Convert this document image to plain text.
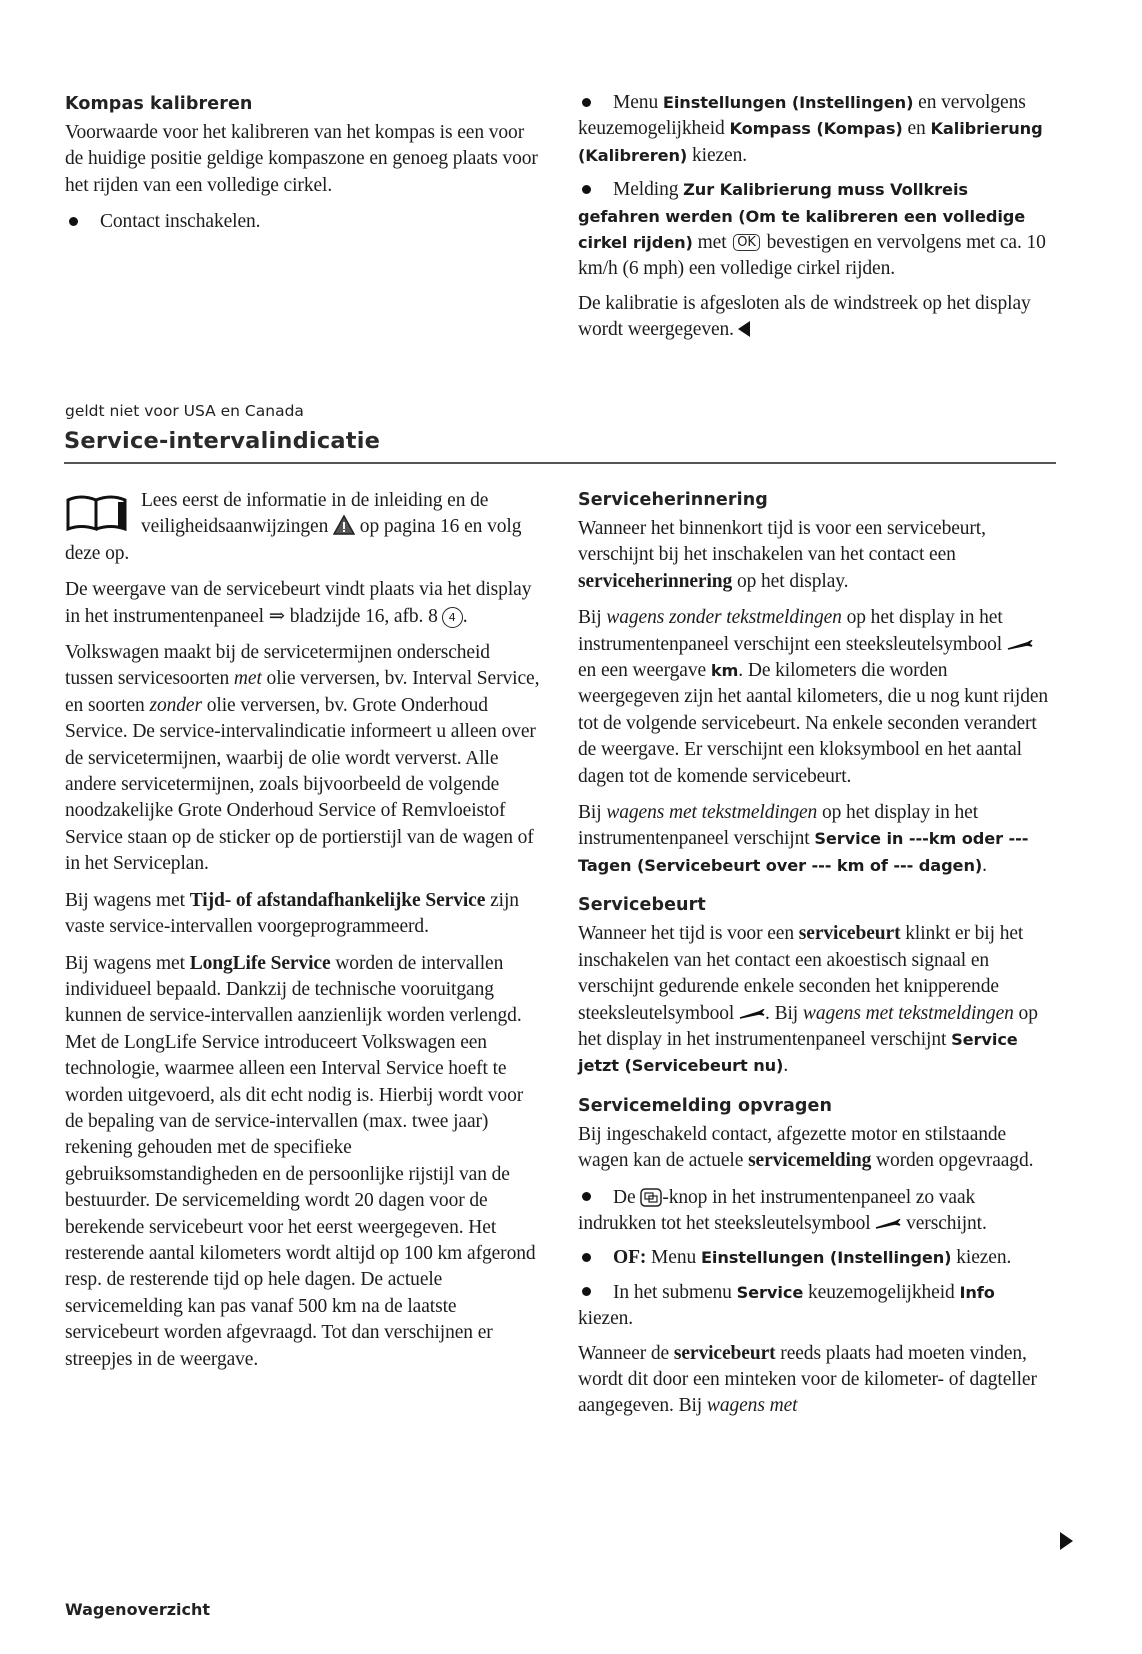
Kompas kalibreren

Voorwaarde voor het kalibreren van het kompas is een voor de huidige positie geldige kompaszone en genoeg plaats voor het rijden van een volledige cirkel.

Contact inschakelen.
Menu Einstellungen (Instellingen) en vervolgens keuzemogelijkheid Kompass (Kompas) en Kalibrierung (Kalibreren) kiezen.
Melding Zur Kalibrierung muss Vollkreis gefahren werden (Om te kalibreren een volledige cirkel rijden) met OK bevestigen en vervolgens met ca. 10 km/h (6 mph) een volledige cirkel rijden.

De kalibratie is afgesloten als de windstreek op het display wordt weergegeven.

geldt niet voor USA en Canada
Service-intervalindicatie

Lees eerst de informatie in de inleiding en de veiligheidsaanwijzingen  op pagina 16 en volg deze op.

De weergave van de servicebeurt vindt plaats via het display in het instrumentenpaneel ⇒ bladzijde 16, afb. 8 4 .

Volkswagen maakt bij de servicetermijnen onderscheid tussen servicesoorten met olie verversen, bv. Interval Service, en soorten zonder olie verversen, bv. Grote Onderhoud Service. De service-intervalindicatie informeert u alleen over de servicetermijnen, waarbij de olie wordt ververst. Alle andere servicetermijnen, zoals bijvoorbeeld de volgende noodzakelijke Grote Onderhoud Service of Remvloeistof Service staan op de sticker op de portierstijl van de wagen of in het Serviceplan.

Bij wagens met Tijd- of afstandafhankelijke Service zijn vaste service-intervallen voorgeprogrammeerd.

Bij wagens met LongLife Service worden de intervallen individueel bepaald. Dankzij de technische vooruitgang kunnen de service-intervallen aanzienlijk worden verlengd. Met de LongLife Service introduceert Volkswagen een technologie, waarmee alleen een Interval Service hoeft te worden uitgevoerd, als dit echt nodig is. Hierbij wordt voor de bepaling van de service-intervallen (max. twee jaar) rekening gehouden met de specifieke gebruiksomstandigheden en de persoonlijke rijstijl van de bestuurder. De servicemelding wordt 20 dagen voor de berekende servicebeurt voor het eerst weergegeven. Het resterende aantal kilometers wordt altijd op 100 km afgerond resp. de resterende tijd op hele dagen. De actuele servicemelding kan pas vanaf 500 km na de laatste servicebeurt worden afgevraagd. Tot dan verschijnen er streepjes in de weergave.

Serviceherinnering

Wanneer het binnenkort tijd is voor een servicebeurt, verschijnt bij het inschakelen van het contact een serviceherinnering op het display.

Bij wagens zonder tekstmeldingen op het display in het instrumentenpaneel verschijnt een steeksleutelsymbool  en een weergave km. De kilometers die worden weergegeven zijn het aantal kilometers, die u nog kunt rijden tot de volgende servicebeurt. Na enkele seconden verandert de weergave. Er verschijnt een kloksymbool en het aantal dagen tot de komende servicebeurt.

Bij wagens met tekstmeldingen op het display in het instrumentenpaneel verschijnt Service in ---km oder ---Tagen (Servicebeurt over --- km of --- dagen).

Servicebeurt

Wanneer het tijd is voor een servicebeurt klinkt er bij het inschakelen van het contact een akoestisch signaal en verschijnt gedurende enkele seconden het knipperende steeksleutelsymbool . Bij wagens met tekstmeldingen op het display in het instrumentenpaneel verschijnt Service jetzt (Servicebeurt nu).

Servicemelding opvragen

Bij ingeschakeld contact, afgezette motor en stilstaande wagen kan de actuele servicemelding worden opgevraagd.

De -knop in het instrumentenpaneel zo vaak indrukken tot het steeksleutelsymbool  verschijnt.
OF: Menu Einstellungen (Instellingen) kiezen.
In het submenu Service keuzemogelijkheid Info kiezen.

Wanneer de servicebeurt reeds plaats had moeten vinden, wordt dit door een minteken voor de kilometer- of dagteller aangegeven. Bij wagens met

Wagenoverzicht
